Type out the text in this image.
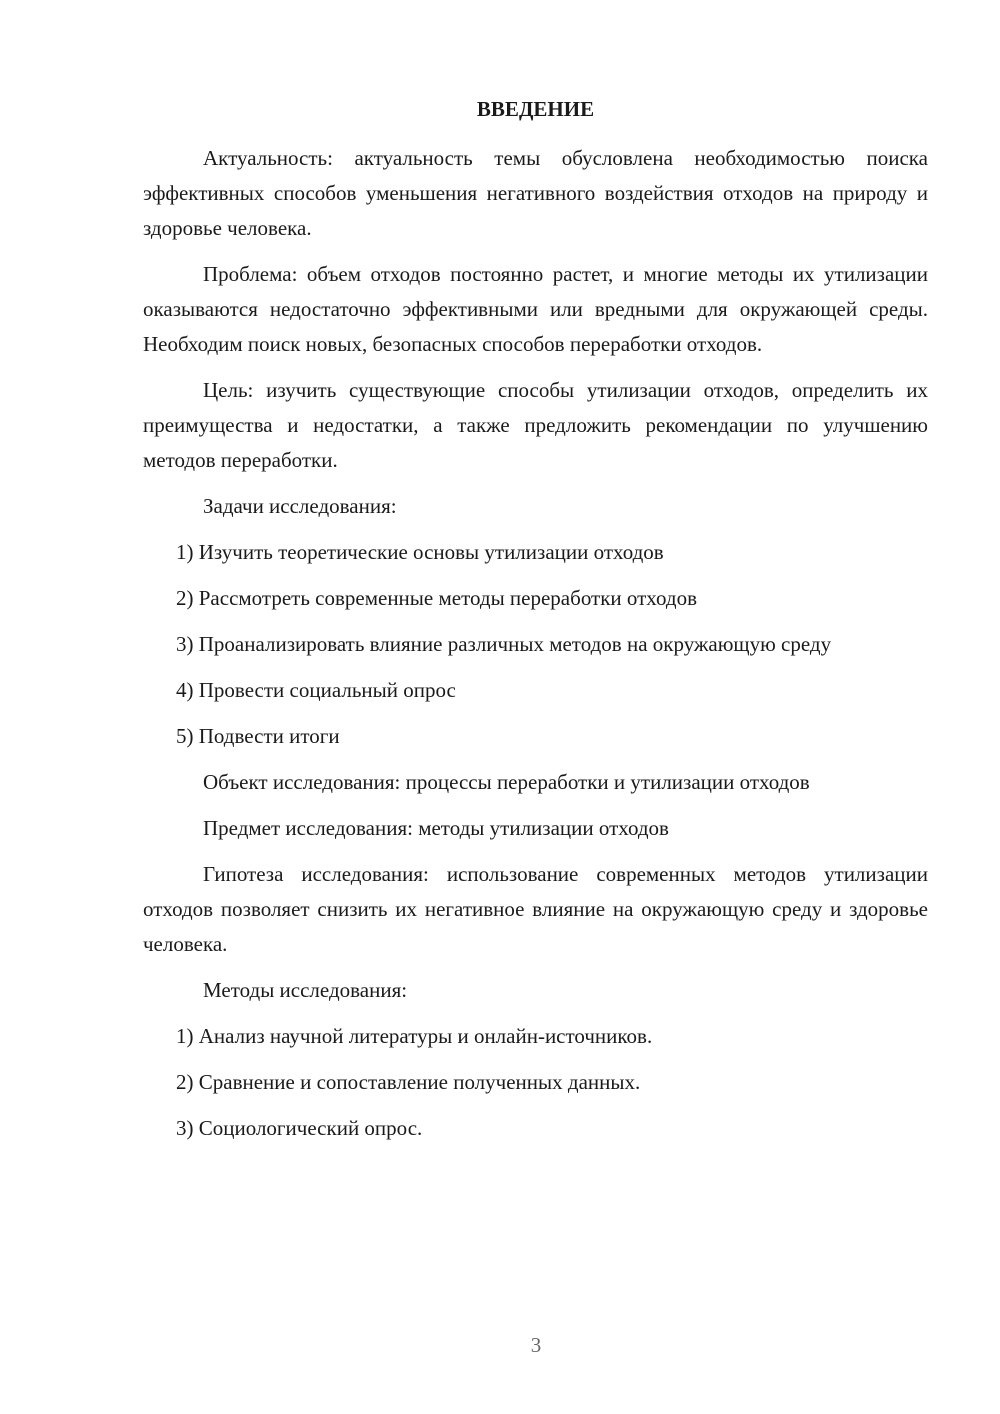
ВВЕДЕНИЕ

Актуальность: актуальность темы обусловлена необходимостью поиска эффективных способов уменьшения негативного воздействия отходов на природу и здоровье человека.

Проблема: объем отходов постоянно растет, и многие методы их утилизации оказываются недостаточно эффективными или вредными для окружающей среды. Необходим поиск новых, безопасных способов переработки отходов.

Цель: изучить существующие способы утилизации отходов, определить их преимущества и недостатки, а также предложить рекомендации по улучшению методов переработки.

Задачи исследования:

1) Изучить теоретические основы утилизации отходов

2) Рассмотреть современные методы переработки отходов

3) Проанализировать влияние различных методов на окружающую среду

4) Провести социальный опрос

5) Подвести итоги

Объект исследования: процессы переработки и утилизации отходов

Предмет исследования: методы утилизации отходов

Гипотеза исследования: использование современных методов утилизации отходов позволяет снизить их негативное влияние на окружающую среду и здоровье человека.

Методы исследования:

1) Анализ научной литературы и онлайн-источников.

2) Сравнение и сопоставление полученных данных.

3) Социологический опрос.

3
